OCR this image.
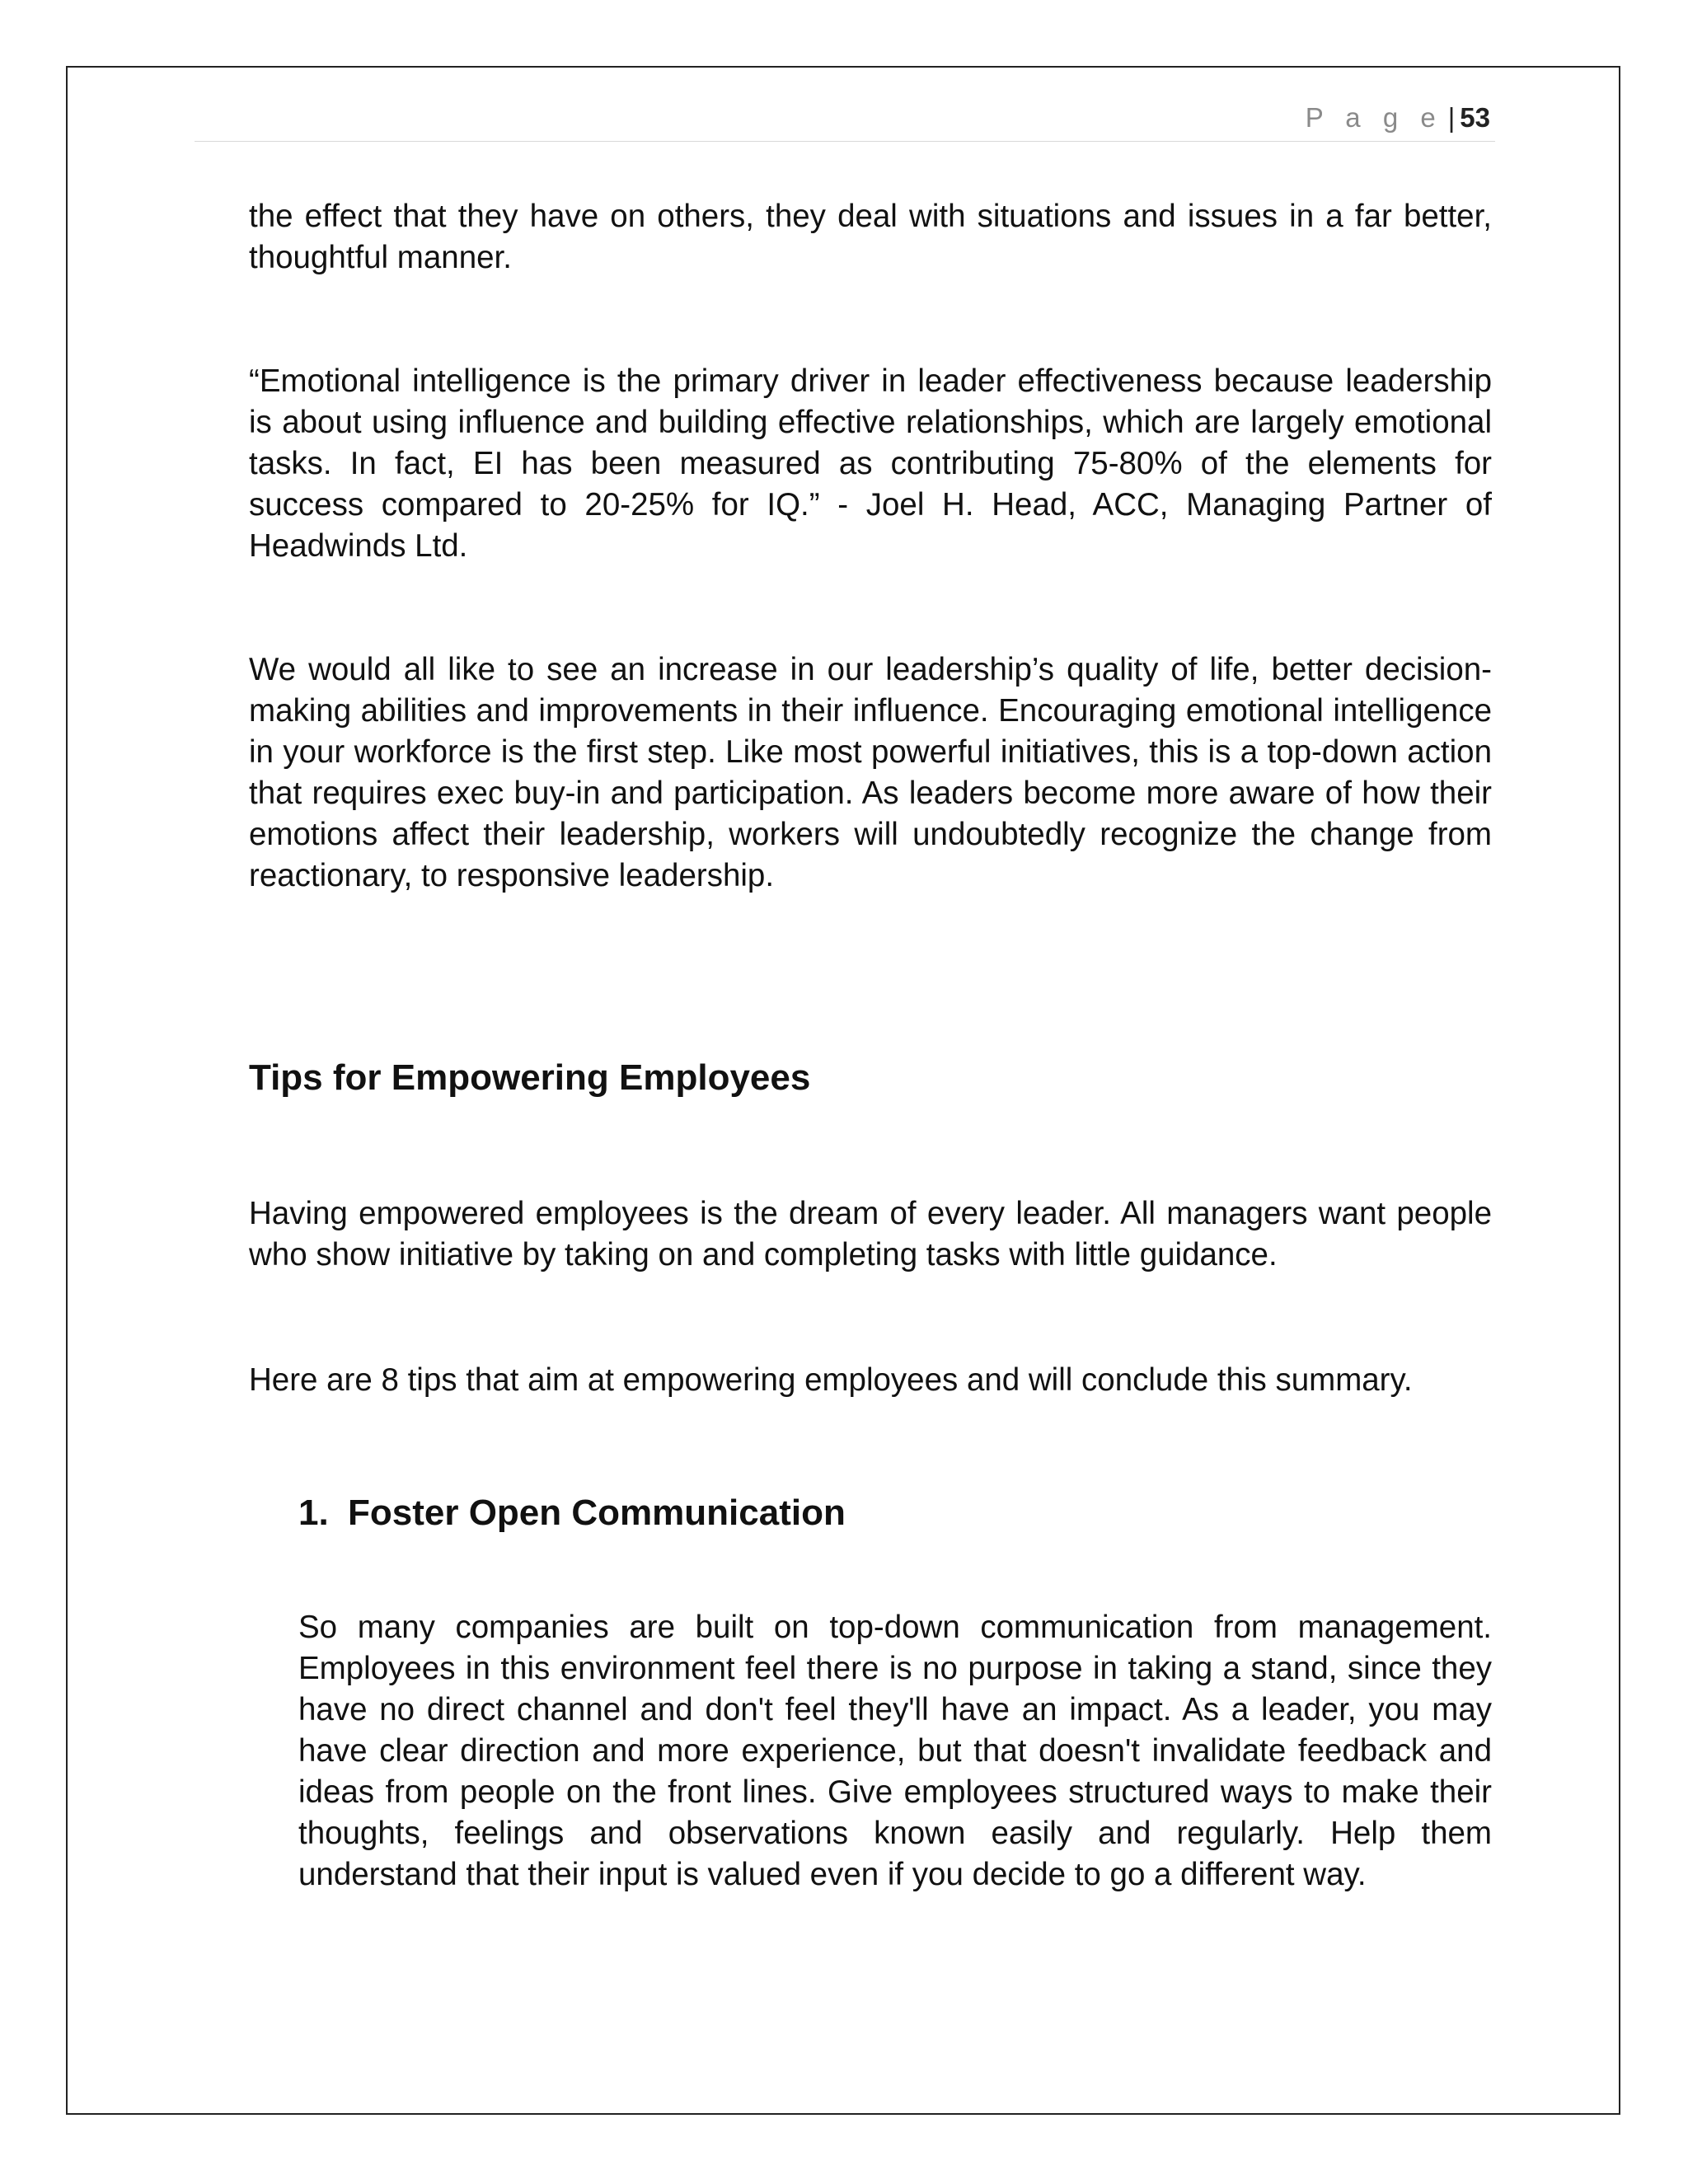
P a g e | 53

the effect that they have on others, they deal with situations and issues in a far better, thoughtful manner.

“Emotional intelligence is the primary driver in leader effectiveness because leadership is about using influence and building effective relationships, which are largely emotional tasks. In fact, EI has been measured as contributing 75-80% of the elements for success compared to 20-25% for IQ.” - Joel H. Head, ACC, Managing Partner of Headwinds Ltd.

We would all like to see an increase in our leadership’s quality of life, better decision-making abilities and improvements in their influence. Encouraging emotional intelligence in your workforce is the first step. Like most powerful initiatives, this is a top-down action that requires exec buy-in and participation. As leaders become more aware of how their emotions affect their leadership, workers will undoubtedly recognize the change from reactionary, to responsive leadership.

Tips for Empowering Employees

Having empowered employees is the dream of every leader. All managers want people who show initiative by taking on and completing tasks with little guidance.

Here are 8 tips that aim at empowering employees and will conclude this summary.

1. Foster Open Communication

So many companies are built on top-down communication from management. Employees in this environment feel there is no purpose in taking a stand, since they have no direct channel and don't feel they'll have an impact. As a leader, you may have clear direction and more experience, but that doesn't invalidate feedback and ideas from people on the front lines. Give employees structured ways to make their thoughts, feelings and observations known easily and regularly. Help them understand that their input is valued even if you decide to go a different way.
